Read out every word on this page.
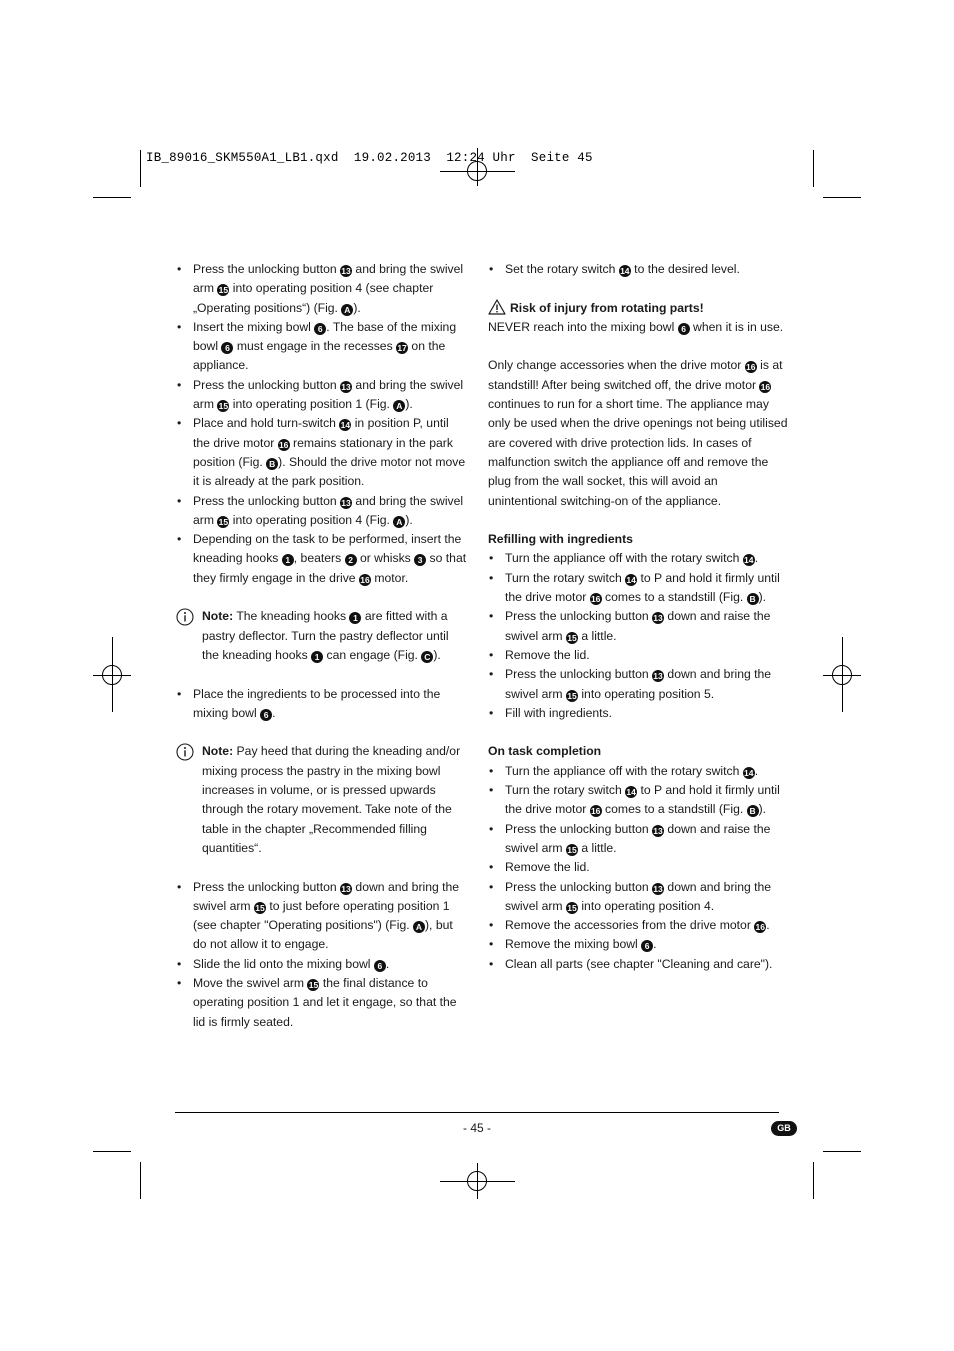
IB_89016_SKM550A1_LB1.qxd  19.02.2013  12:24 Uhr  Seite 45
• Press the unlocking button 13 and bring the swivel arm 15 into operating position 4 (see chapter „Operating positions“) (Fig. A ).
• Insert the mixing bowl 6 . The base of the mixing bowl 6 must engage in the recesses 17 on the appliance.
• Press the unlocking button 13 and bring the swivel arm 15 into operating position 1 (Fig. A ).
• Place and hold turn-switch 14 in position P, until the drive motor 16 remains stationary in the park position (Fig. B ). Should the drive motor not move it is already at the park position.
• Press the unlocking button 13 and bring the swivel arm 15 into operating position 4 (Fig. A ).
• Depending on the task to be performed, insert the kneading hooks 1 , beaters 2 or whisks 3 so that they firmly engage in the drive 16 motor.
Note: The kneading hooks 1 are fitted with a pastry deflector. Turn the pastry deflector until the kneading hooks 1 can engage (Fig. C ).
• Place the ingredients to be processed into the mixing bowl 6 .
Note: Pay heed that during the kneading and/or mixing process the pastry in the mixing bowl increases in volume, or is pressed upwards through the rotary movement. Take note of the table in the chapter „Recommended filling quantities“.
• Press the unlocking button 13 down and bring the swivel arm 15 to just before operating position 1 (see chapter "Operating positions") (Fig. A ), but do not allow it to engage.
• Slide the lid onto the mixing bowl 6 .
• Move the swivel arm 15 the final distance to operating position 1 and let it engage, so that the lid is firmly seated.
• Set the rotary switch 14 to the desired level.
Risk of injury from rotating parts!
NEVER reach into the mixing bowl 6 when it is in use.
Only change accessories when the drive motor 16 is at standstill! After being switched off, the drive motor 16 continues to run for a short time. The appliance may only be used when the drive openings not being utilised are covered with drive protection lids. In cases of malfunction switch the appliance off and remove the plug from the wall socket, this will avoid an unintentional switching-on of the appliance.
Refilling with ingredients
• Turn the appliance off with the rotary switch 14.
• Turn the rotary switch 14 to P and hold it firmly until the drive motor 16 comes to a standstill (Fig. B ).
• Press the unlocking button 13 down and raise the swivel arm 15 a little.
• Remove the lid.
• Press the unlocking button 13 down and bring the swivel arm 15 into operating position 5.
• Fill with ingredients.
On task completion
• Turn the appliance off with the rotary switch 14.
• Turn the rotary switch 14 to P and hold it firmly until the drive motor 16 comes to a standstill (Fig. B ).
• Press the unlocking button 13 down and raise the swivel arm 15 a little.
• Remove the lid.
• Press the unlocking button 13 down and bring the swivel arm 15 into operating position 4.
• Remove the accessories from the drive motor 16.
• Remove the mixing bowl 6 .
• Clean all parts (see chapter "Cleaning and care").
- 45 -	GB
